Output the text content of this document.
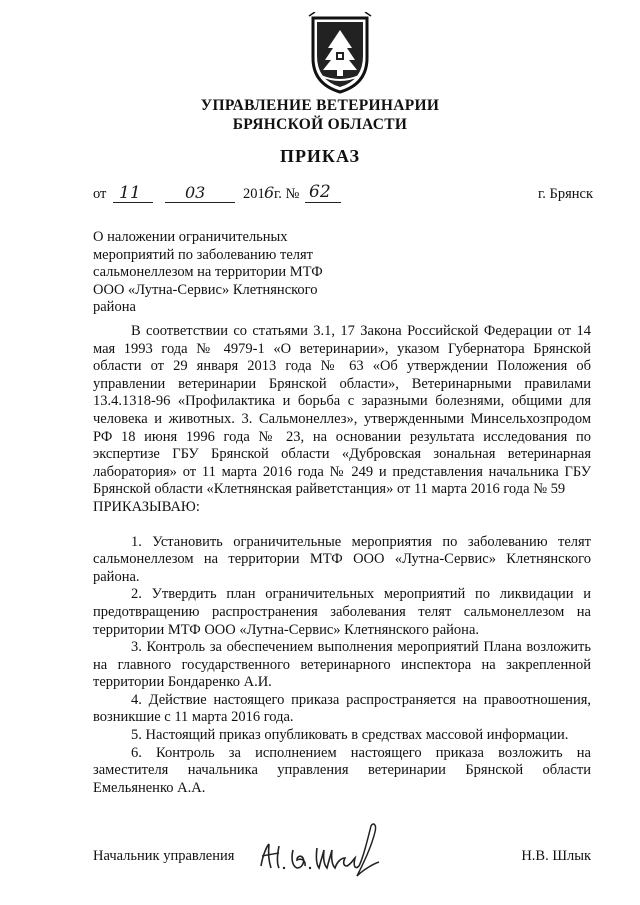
УПРАВЛЕНИЕ ВЕТЕРИНАРИИ
БРЯНСКОЙ ОБЛАСТИ
ПРИКАЗ
от 11	03	201 6 г. № 62	г. Брянск
О наложении ограничительных
мероприятий по заболеванию телят
сальмонеллезом на территории МТФ
ООО «Лутна-Сервис» Клетнянского
района
В соответствии со статьями 3.1, 17 Закона Российской Федерации от 14 мая 1993 года № 4979-1 «О ветеринарии», указом Губернатора Брянской области от 29 января 2013 года № 63 «Об утверждении Положения об управлении ветеринарии Брянской области», Ветеринарными правилами 13.4.1318-96 «Профилактика и борьба с заразными болезнями, общими для человека и животных. 3. Сальмонеллез», утвержденными Минсельхозпродом РФ 18 июня 1996 года № 23, на основании результата исследования по экспертизе ГБУ Брянской области «Дубровская зональная ветеринарная лаборатория» от 11 марта 2016 года № 249 и представления начальника ГБУ Брянской области «Клетнянская райветстанция» от 11 марта 2016 года № 59
ПРИКАЗЫВАЮ:
1. Установить ограничительные мероприятия по заболеванию телят сальмонеллезом на территории МТФ ООО «Лутна-Сервис» Клетнянского района.
2. Утвердить план ограничительных мероприятий по ликвидации и предотвращению распространения заболевания телят сальмонеллезом на территории МТФ ООО «Лутна-Сервис» Клетнянского района.
3. Контроль за обеспечением выполнения мероприятий Плана возложить на главного государственного ветеринарного инспектора на закрепленной территории Бондаренко А.И.
4. Действие настоящего приказа распространяется на правоотношения, возникшие с 11 марта 2016 года.
5. Настоящий приказ опубликовать в средствах массовой информации.
6. Контроль за исполнением настоящего приказа возложить на заместителя начальника управления ветеринарии Брянской области Емельяненко А.А.
Начальник управления	Н.В. Шлык
